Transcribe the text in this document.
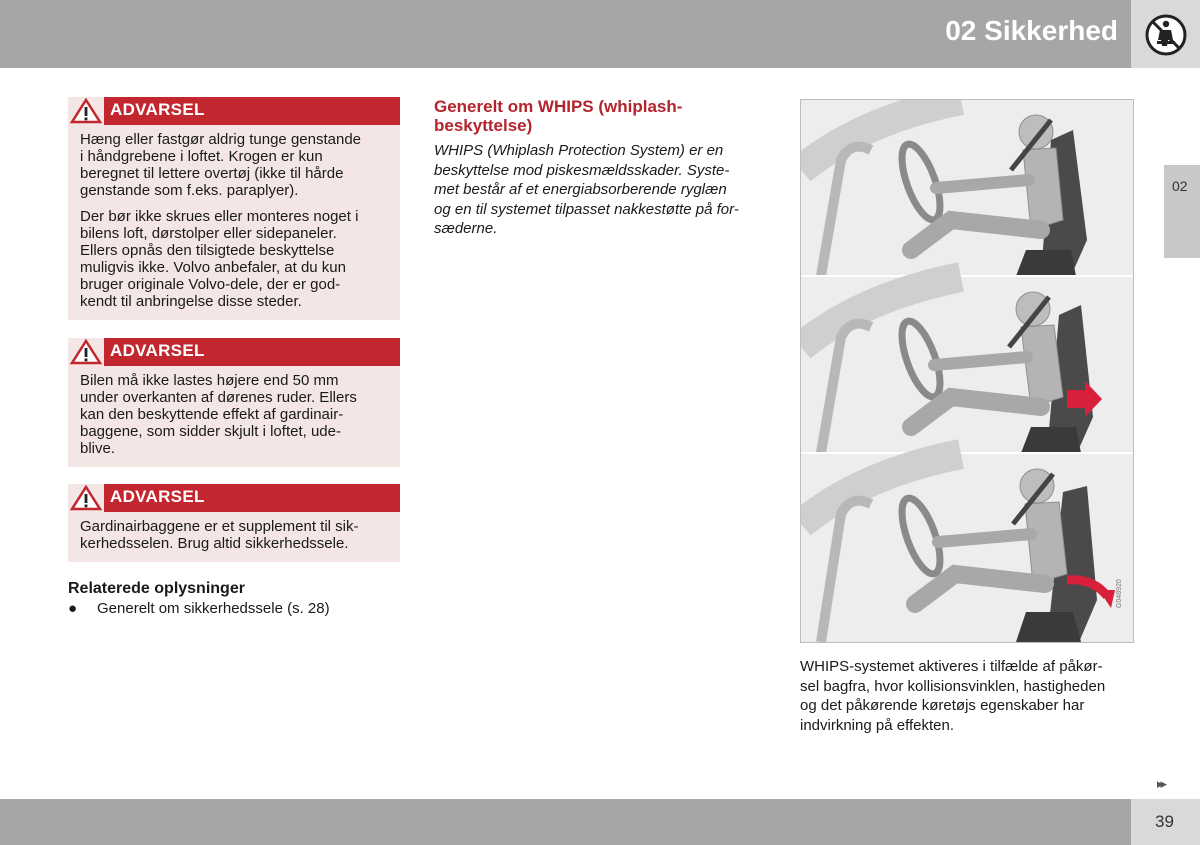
02 Sikkerhed
02
ADVARSEL

Hæng eller fastgør aldrig tunge genstande
i håndgrebene i loftet. Krogen er kun
beregnet til lettere overtøj (ikke til hårde
genstande som f.eks. paraplyer).

Der bør ikke skrues eller monteres noget i
bilens loft, dørstolper eller sidepaneler.
Ellers opnås den tilsigtede beskyttelse
muligvis ikke. Volvo anbefaler, at du kun
bruger originale Volvo-dele, der er god-
kendt til anbringelse disse steder.

ADVARSEL

Bilen må ikke lastes højere end 50 mm
under overkanten af dørenes ruder. Ellers
kan den beskyttende effekt af gardinair-
baggene, som sidder skjult i loftet, ude-
blive.

ADVARSEL

Gardinairbaggene er et supplement til sik-
kerhedsselen. Brug altid sikkerhedssele.

Relaterede oplysninger
● Generelt om sikkerhedssele (s. 28)
Generelt om WHIPS (whiplash-
beskyttelse)
WHIPS (Whiplash Protection System) er en
beskyttelse mod piskesmældsskader. Syste-
met består af et energiabsorberende ryglæn
og en til systemet tilpasset nakkestøtte på for-
sæderne.
G048920
WHIPS-systemet aktiveres i tilfælde af påkør-
sel bagfra, hvor kollisionsvinklen, hastigheden
og det påkørende køretøjs egenskaber har
indvirkning på effekten.
▸▸
39
